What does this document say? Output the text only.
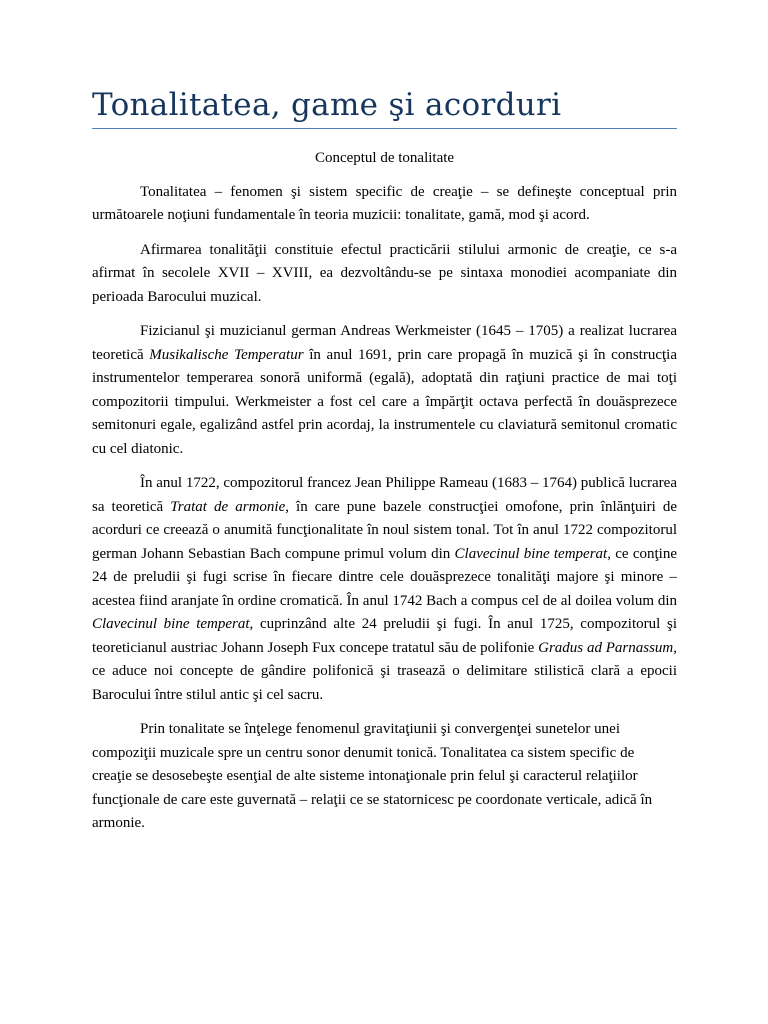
Tonalitatea, game şi acorduri

Conceptul de tonalitate

Tonalitatea – fenomen şi sistem specific de creaţie – se defineşte conceptual prin următoarele noţiuni fundamentale în teoria muzicii: tonalitate, gamă, mod şi acord.

Afirmarea tonalităţii constituie efectul practicării stilului armonic de creaţie, ce s-a afirmat în secolele XVII – XVIII, ea dezvoltându-se pe sintaxa monodiei acompaniate din perioada Barocului muzical.

Fizicianul şi muzicianul german Andreas Werkmeister (1645 – 1705) a realizat lucrarea teoretică Musikalische Temperatur în anul 1691, prin care propagă în muzică şi în construcţia instrumentelor temperarea sonoră uniformă (egală), adoptată din raţiuni practice de mai toţi compozitorii timpului. Werkmeister a fost cel care a împărţit octava perfectă în douăsprezece semitonuri egale, egalizând astfel prin acordaj, la instrumentele cu claviatură semitonul cromatic cu cel diatonic.

În anul 1722, compozitorul francez Jean Philippe Rameau (1683 – 1764) publică lucrarea sa teoretică Tratat de armonie, în care pune bazele construcţiei omofone, prin înlănţuiri de acorduri ce creează o anumită funcţionalitate în noul sistem tonal. Tot în anul 1722 compozitorul german Johann Sebastian Bach compune primul volum din Clavecinul bine temperat, ce conţine 24 de preludii şi fugi scrise în fiecare dintre cele douăsprezece tonalităţi majore şi minore – acestea fiind aranjate în ordine cromatică. În anul 1742 Bach a compus cel de al doilea volum din Clavecinul bine temperat, cuprinzând alte 24 preludii şi fugi. În anul 1725, compozitorul şi teoreticianul austriac Johann Joseph Fux concepe tratatul său de polifonie Gradus ad Parnassum, ce aduce noi concepte de gândire polifonică şi trasează o delimitare stilistică clară a epocii Barocului între stilul antic şi cel sacru.

Prin tonalitate se înţelege fenomenul gravitaţiunii şi convergenţei sunetelor unei compoziţii muzicale spre un centru sonor denumit tonică. Tonalitatea ca sistem specific de creaţie se desosebeşte esenţial de alte sisteme intonaţionale prin felul şi caracterul relaţiilor funcţionale de care este guvernată – relaţii ce se statornicesc pe coordonate verticale, adică în armonie.
